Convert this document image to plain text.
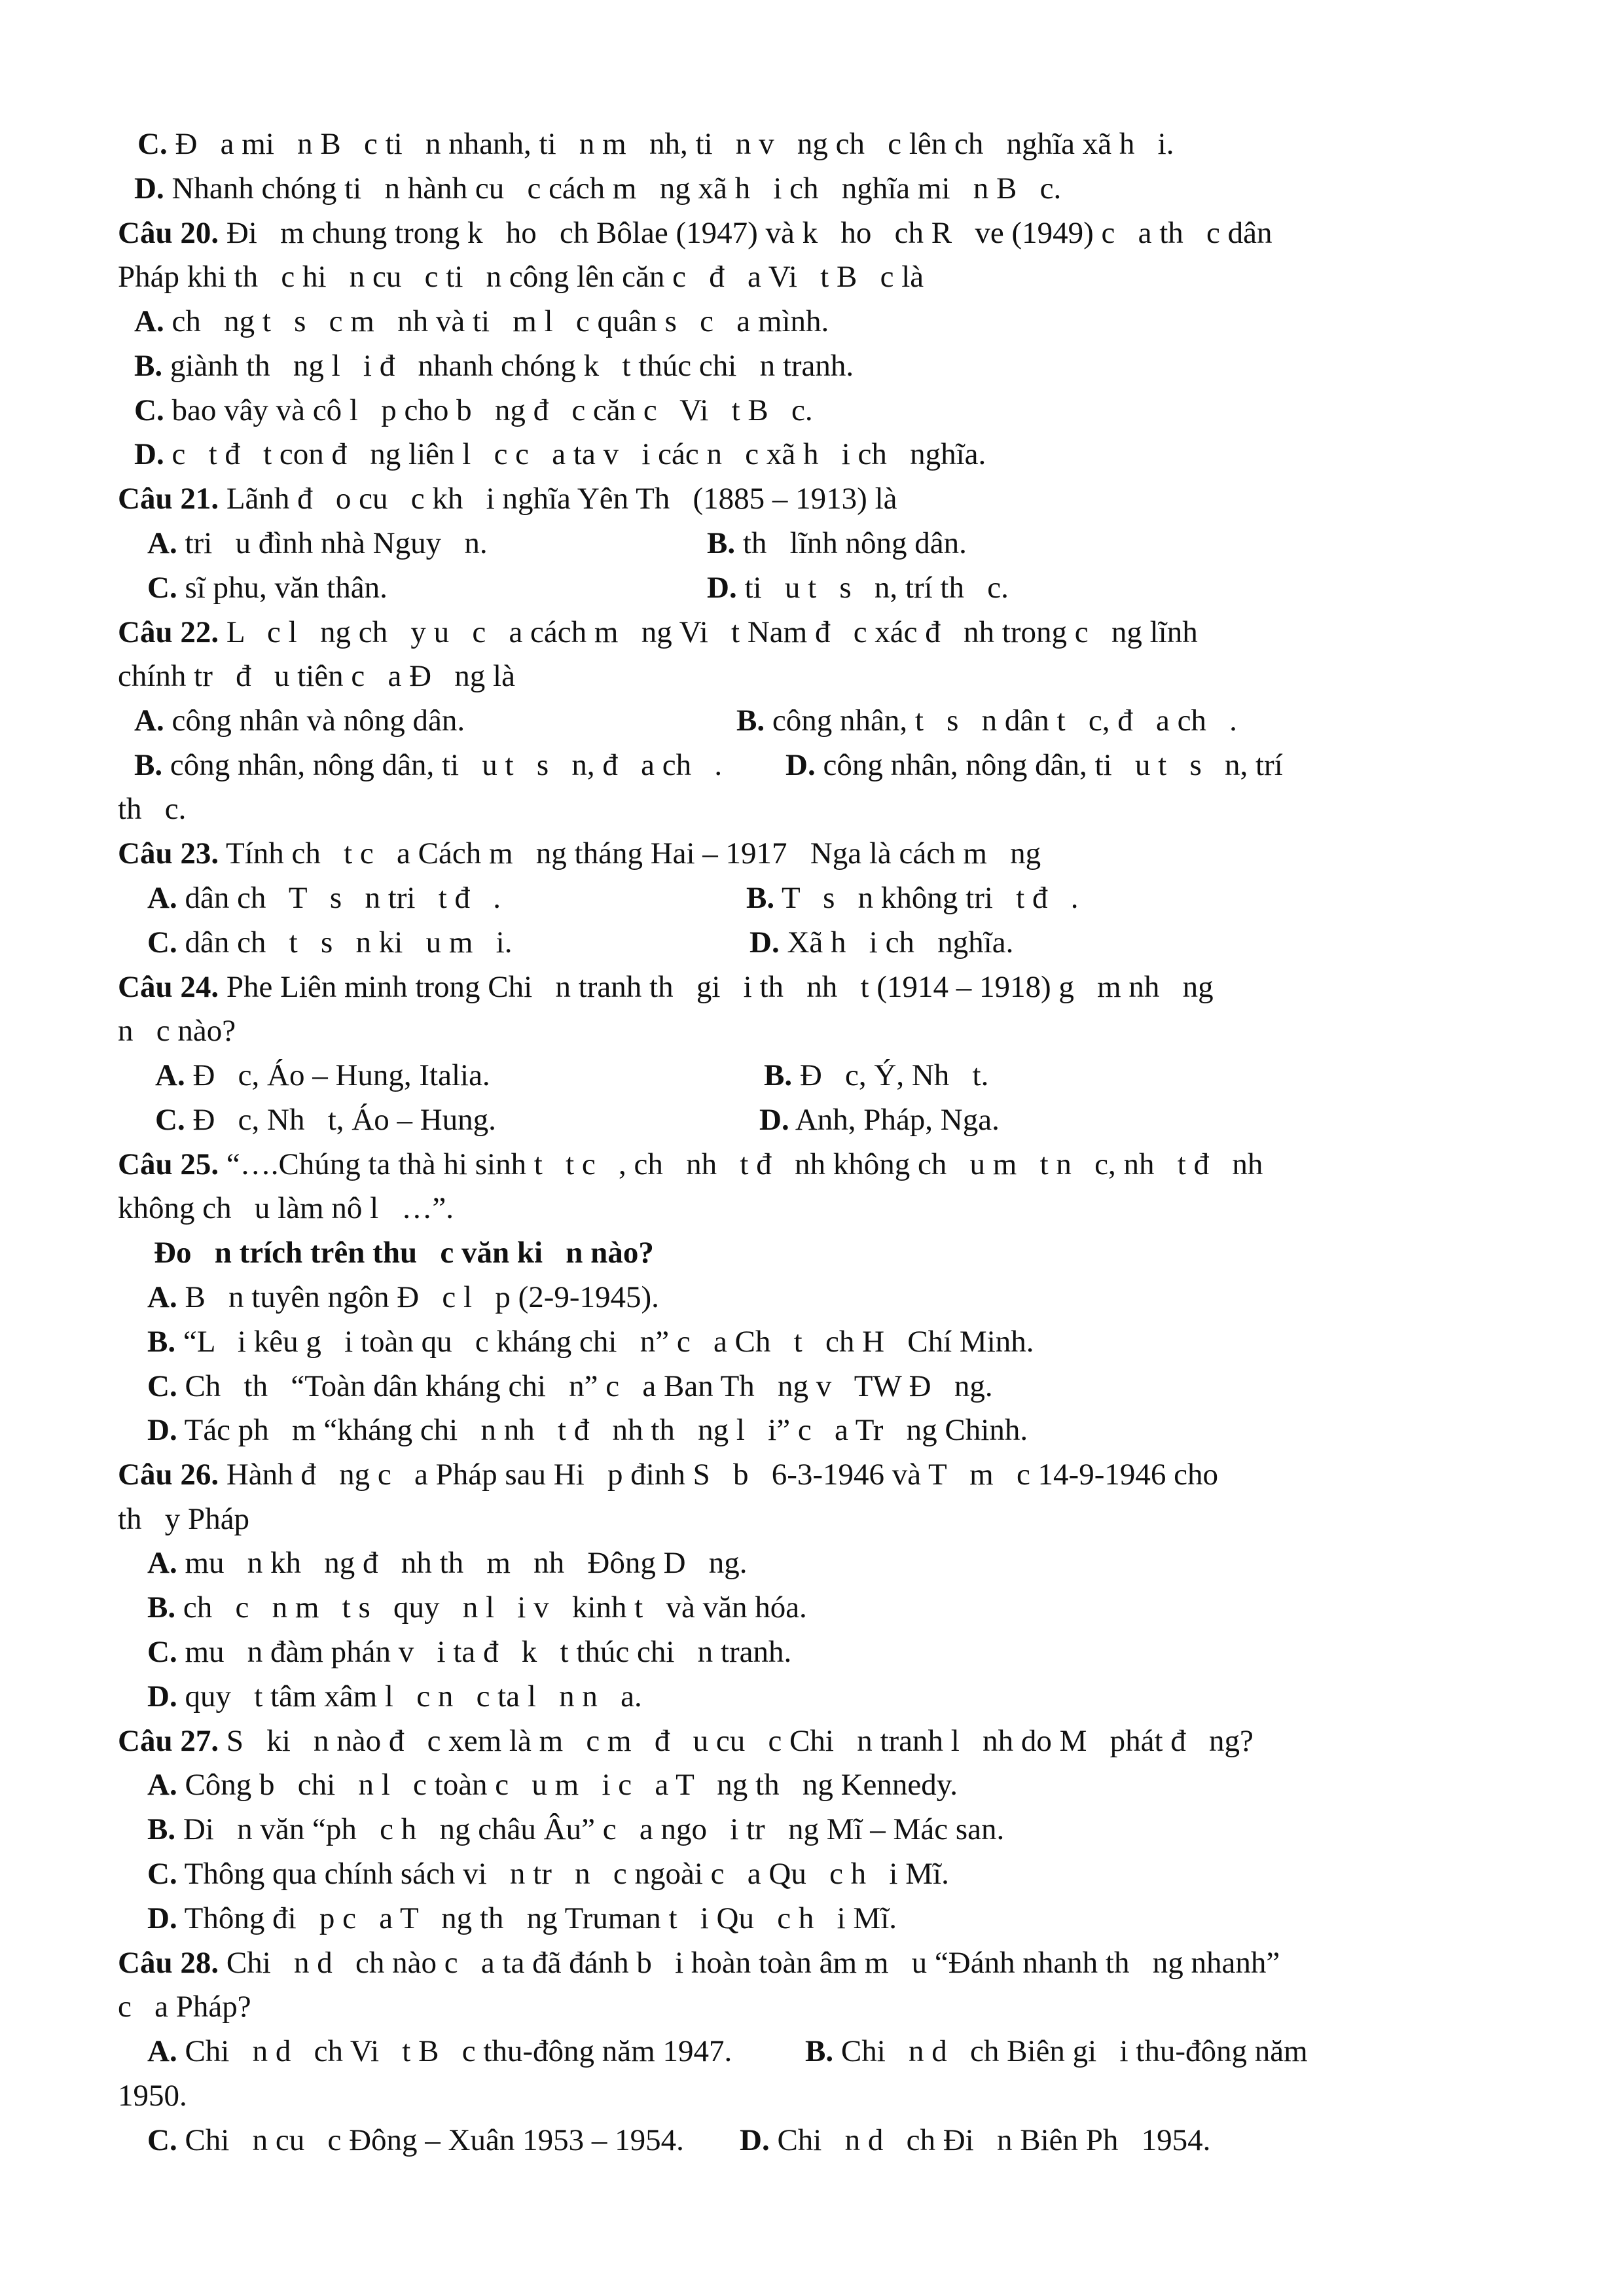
C. Đ   a mi   n B   c ti   n nhanh, ti   n m   nh, ti   n v   ng ch   c lên ch   nghĩa xã h   i.
D. Nhanh chóng ti   n hành cu   c cách m   ng xã h   i ch   nghĩa mi   n B   c.
Câu 20. Đi   m chung trong k   ho   ch Bôlae (1947) và k   ho   ch R   ve (1949) c   a th   c dân
Pháp khi th   c hi   n cu   c ti   n công lên căn c   đ   a Vi   t B   c là
A. ch   ng t   s   c m   nh và ti   m l   c quân s   c   a mình.
B. giành th   ng l   i đ   nhanh chóng k   t thúc chi   n tranh.
C. bao vây và cô l   p cho b   ng đ   c căn c   Vi   t B   c.
D. c   t đ   t con đ   ng liên l   c c   a ta v   i các n   c xã h   i ch   nghĩa.
Câu 21. Lãnh đ   o cu   c kh   i nghĩa Yên Th   (1885 – 1913) là
A. tri   u đình nhà Nguy   n.	B. th   lĩnh nông dân.
C. sĩ phu, văn thân.	D. ti   u t   s   n, trí th   c.
Câu 22. L   c l   ng ch   y u   c   a cách m   ng Vi   t Nam đ   c xác đ   nh trong c   ng lĩnh
chính tr   đ   u tiên c   a Đ   ng là
A. công nhân và nông dân.	B. công nhân, t   s   n dân t   c, đ   a ch   .
B. công nhân, nông dân, ti   u t   s   n, đ   a ch   . D. công nhân, nông dân, ti   u t   s   n, trí
th   c.
Câu 23. Tính ch   t c   a Cách m   ng tháng Hai – 1917   Nga là cách m   ng
A. dân ch   T   s   n tri   t đ   .	B. T   s   n không tri   t đ   .
C. dân ch   t   s   n ki   u m   i.	D. Xã h   i ch   nghĩa.
Câu 24. Phe Liên minh trong Chi   n tranh th   gi   i th   nh   t (1914 – 1918) g   m nh   ng
n   c nào?
A. Đ   c, Áo – Hung, Italia.	B. Đ   c, Ý, Nh   t.
C. Đ   c, Nh   t, Áo – Hung.	D. Anh, Pháp, Nga.
Câu 25. “….Chúng ta thà hi sinh t   t c   , ch   nh   t đ   nh không ch   u m   t n   c, nh   t đ   nh
không ch   u làm nô l   …”.
Đo   n trích trên thu   c văn ki   n nào?
A. B   n tuyên ngôn Đ   c l   p (2-9-1945).
B. “L   i kêu g   i toàn qu   c kháng chi   n” c   a Ch   t   ch H   Chí Minh.
C. Ch   th   “Toàn dân kháng chi   n” c   a Ban Th   ng v   TW Đ   ng.
D. Tác ph   m “kháng chi   n nh   t đ   nh th   ng l   i” c   a Tr   ng Chinh.
Câu 26. Hành đ   ng c   a Pháp sau Hi   p đinh S   b   6-3-1946 và T   m   c 14-9-1946 cho
th   y Pháp
A. mu   n kh   ng đ   nh th   m   nh   Đông D   ng.
B. ch   c   n m   t s   quy   n l   i v   kinh t   và văn hóa.
C. mu   n đàm phán v   i ta đ   k   t thúc chi   n tranh.
D. quy   t tâm xâm l   c n   c ta l   n n   a.
Câu 27. S   ki   n nào đ   c xem là m   c m   đ   u cu   c Chi   n tranh l   nh do M   phát đ   ng?
A. Công b   chi   n l   c toàn c   u m   i c   a T   ng th   ng Kennedy.
B. Di   n văn “ph   c h   ng châu Âu” c   a ngo   i tr   ng Mĩ – Mác san.
C. Thông qua chính sách vi   n tr   n   c ngoài c   a Qu   c h   i Mĩ.
D. Thông đi   p c   a T   ng th   ng Truman t   i Qu   c h   i Mĩ.
Câu 28. Chi   n d   ch nào c   a ta đã đánh b   i hoàn toàn âm m   u “Đánh nhanh th   ng nhanh”
c   a Pháp?
A. Chi   n d   ch Vi   t B   c thu-đông năm 1947. B. Chi   n d   ch Biên gi   i thu-đông năm
1950.
C. Chi   n cu   c Đông – Xuân 1953 – 1954. D. Chi   n d   ch Đi   n Biên Ph   1954.
